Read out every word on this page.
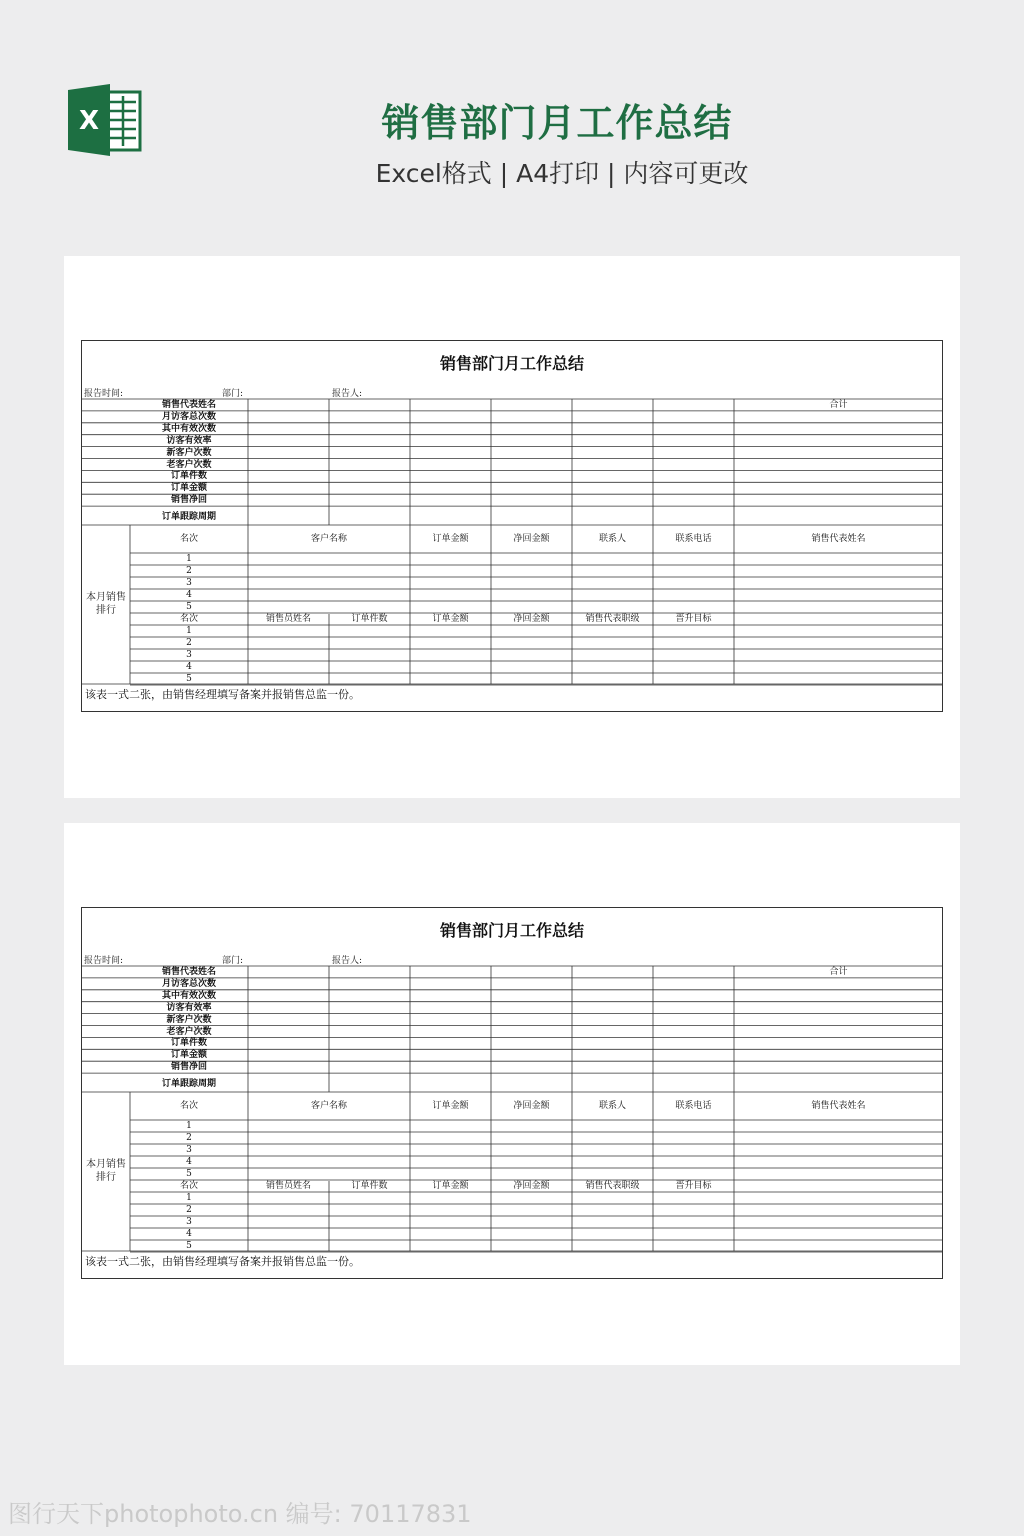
X	销售部门月工作总结
Excel格式 | A4打印 | 内容可更改
销售部门月工作总结
报告时间:	部门:	报告人:
销售代表姓名
月访客总次数
其中有效次数
访客有效率
新客户次数
老客户次数
订单件数
订单金额
销售净回
订单跟踪周期
合计
名次	客户名称	订单金额	净回金额	联系人	联系电话	销售代表姓名
1
2
3
4
5
名次	销售员姓名	订单件数	订单金额	净回金额	销售代表职级	晋升目标
1
2
3
4
5
本月销售
排行
该表一式二张，由销售经理填写备案并报销售总监一份。
销售部门月工作总结
报告时间:	部门:	报告人:
销售代表姓名
月访客总次数
其中有效次数
访客有效率
新客户次数
老客户次数
订单件数
订单金额
销售净回
订单跟踪周期
合计
名次	客户名称	订单金额	净回金额	联系人	联系电话	销售代表姓名
1
2
3
4
5
名次	销售员姓名	订单件数	订单金额	净回金额	销售代表职级	晋升目标
1
2
3
4
5
本月销售
排行
该表一式二张，由销售经理填写备案并报销售总监一份。
图行天下photophoto.cn 编号: 70117831
